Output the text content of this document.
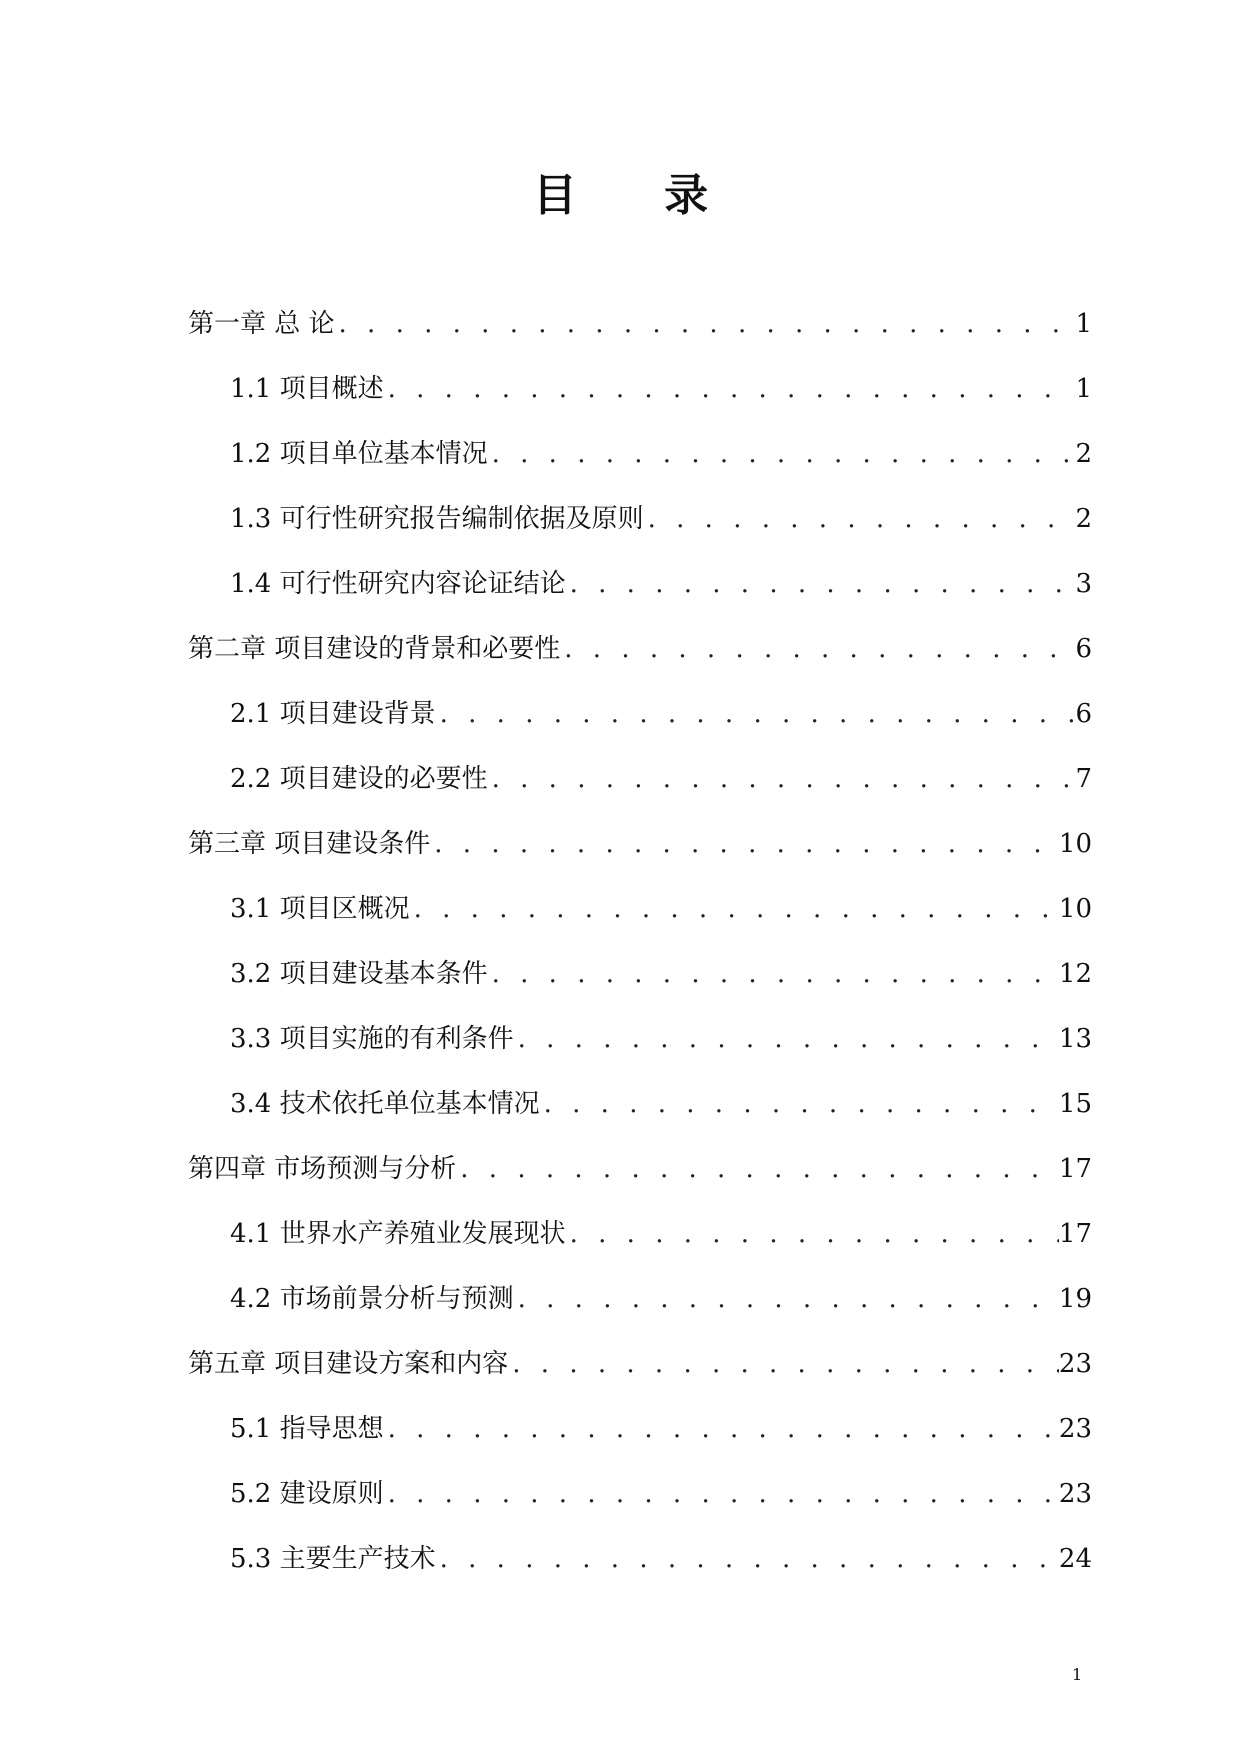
目 录
第一章 总 论 . . .	1
1.1 项目概述 . . .	1
1.2 项目单位基本情况 . . .	2
1.3 可行性研究报告编制依据及原则 . . .	2
1.4 可行性研究内容论证结论 . . .	3
第二章 项目建设的背景和必要性 . . .	6
2.1 项目建设背景 . . .	6
2.2 项目建设的必要性 . . .	7
第三章 项目建设条件 . . .	10
3.1 项目区概况 . . .	10
3.2 项目建设基本条件 . . .	12
3.3 项目实施的有利条件 . . .	13
3.4 技术依托单位基本情况 . . .	15
第四章 市场预测与分析 . . .	17
4.1 世界水产养殖业发展现状 . . .	17
4.2 市场前景分析与预测 . . .	19
第五章 项目建设方案和内容 . . .	23
5.1 指导思想 . . .	23
5.2 建设原则 . . .	23
5.3 主要生产技术 . . .	24
1
